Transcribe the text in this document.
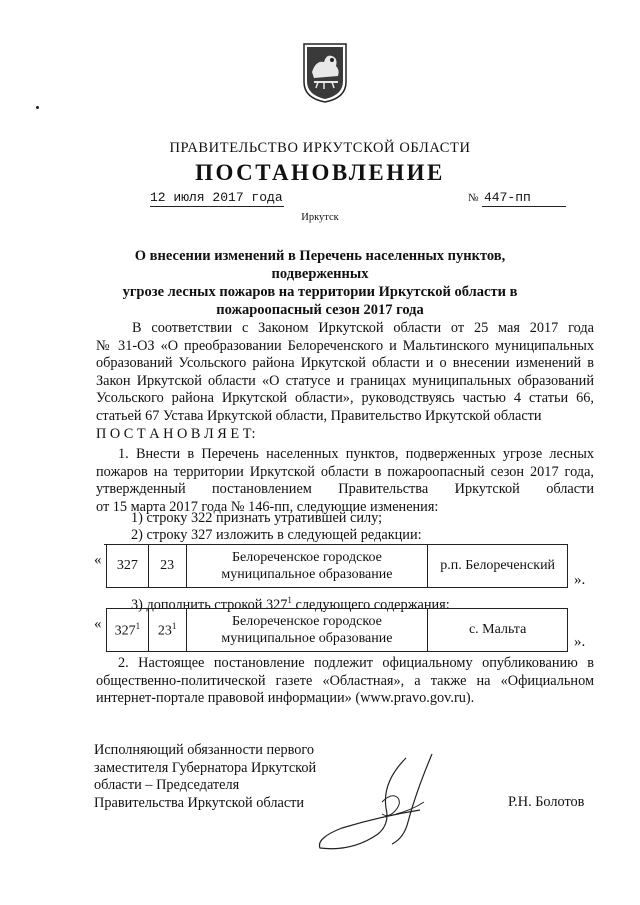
ПРАВИТЕЛЬСТВО ИРКУТСКОЙ ОБЛАСТИ
ПОСТАНОВЛЕНИЕ
12 июля 2017 года	№ 447-пп
Иркутск
О внесении изменений в Перечень населенных пунктов, подверженных
угрозе лесных пожаров на территории Иркутской области в
пожароопасный сезон 2017 года
В соответствии с Законом Иркутской области от 25 мая 2017 года
№ 31-ОЗ «О преобразовании Белореченского и Мальтинского муниципальных
образований Усольского района Иркутской области и о внесении изменений в
Закон Иркутской области «О статусе и границах муниципальных образований
Усольского района Иркутской области», руководствуясь частью 4 статьи 66,
статьей 67 Устава Иркутской области, Правительство Иркутской области
П О С Т А Н О В Л Я Е Т:
1. Внести в Перечень населенных пунктов, подверженных угрозе лесных
пожаров на территории Иркутской области в пожароопасный сезон 2017 года,
утвержденный постановлением Правительства Иркутской области
от 15 марта 2017 года № 146-пп, следующие изменения:
1) строку 322 признать утратившей силу;
2) строку 327 изложить в следующей редакции:
« 327	23	
Белореченское городское
муниципальное образование
	р.п. Белореченский
».
3) дополнить строкой $327^1$ следующего содержания:
« $327^1$	$23^1$	Белореченское городское
муниципальное образование
	с. Мальта
».
2. Настоящее постановление подлежит официальному опубликованию в
общественно-политической газете «Областная», а также на «Официальном
интернет-портале правовой информации» (www.pravo.gov.ru).
Исполняющий обязанности первого
заместителя Губернатора Иркутской
области – Председателя
Правительства Иркутской области	Р.Н. Болотов
